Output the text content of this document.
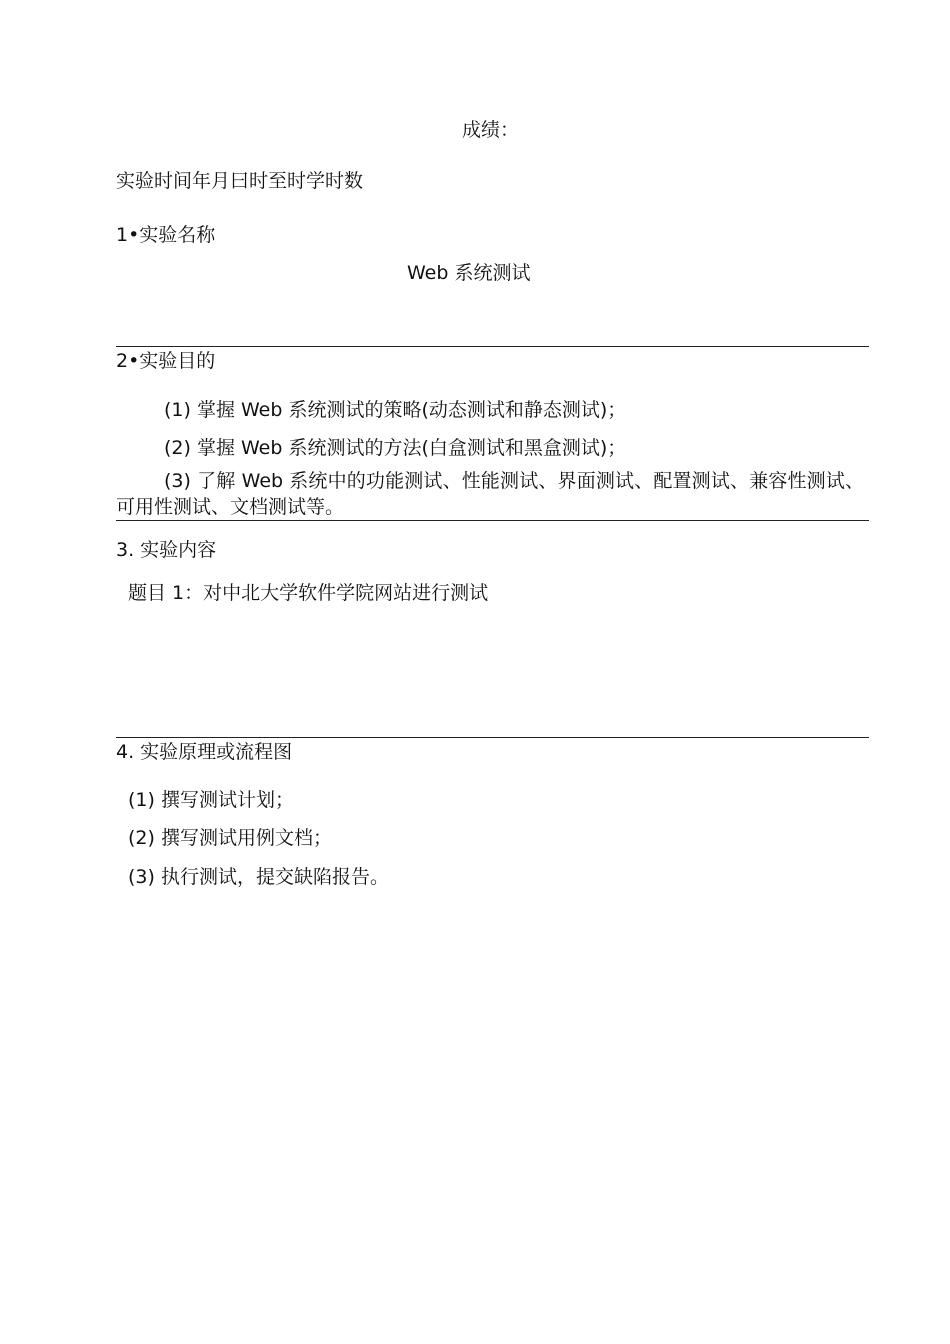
成绩：
实验时间年月曰时至时学时数
1•实验名称
Web 系统测试
2•实验目的
(1) 掌握 Web 系统测试的策略(动态测试和静态测试)；
(2) 掌握 Web 系统测试的方法(白盒测试和黑盒测试)；
(3) 了解 Web 系统中的功能测试、性能测试、界面测试、配置测试、兼容性测试、可用性测试、文档测试等。
3. 实验内容
题目 1：对中北大学软件学院网站进行测试
4. 实验原理或流程图
(1) 撰写测试计划；
(2) 撰写测试用例文档；
(3) 执行测试，提交缺陷报告。
